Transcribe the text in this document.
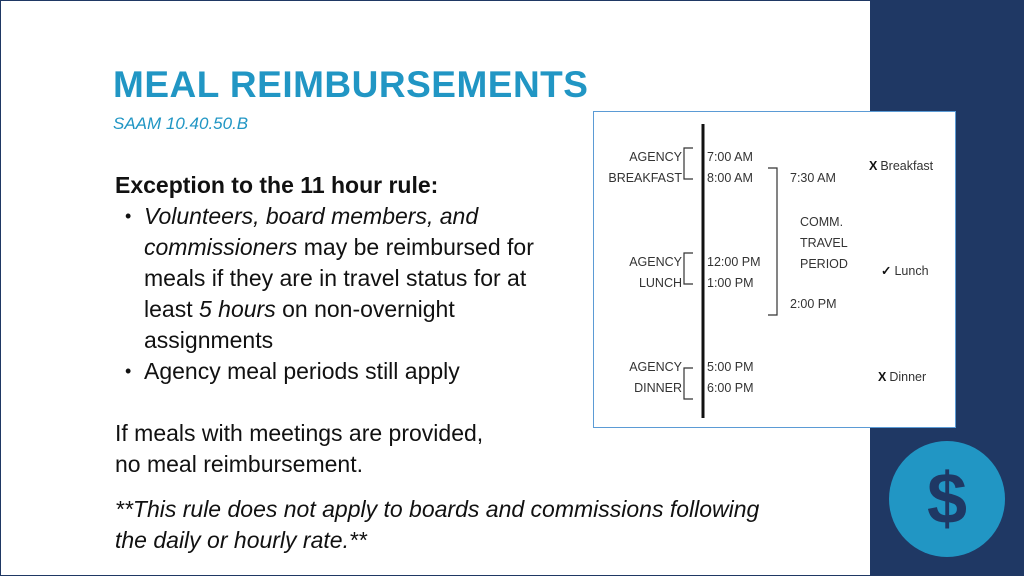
MEAL REIMBURSEMENTS
SAAM 10.40.50.B
Exception to the 11 hour rule:
• Volunteers, board members, and commissioners may be reimbursed for meals if they are in travel status for at least 5 hours on non-overnight assignments
• Agency meal periods still apply
If meals with meetings are provided,
no meal reimbursement.
**This rule does not apply to boards and commissions following
the daily or hourly rate.**
AGENCY
BREAKFAST
7:00 AM
8:00 AM
AGENCY
LUNCH
12:00 PM
1:00 PM
AGENCY
DINNER
5:00 PM
6:00 PM
7:30 AM
2:00 PM
COMM.
TRAVEL
PERIOD
X Breakfast
✓ Lunch
X Dinner
$
